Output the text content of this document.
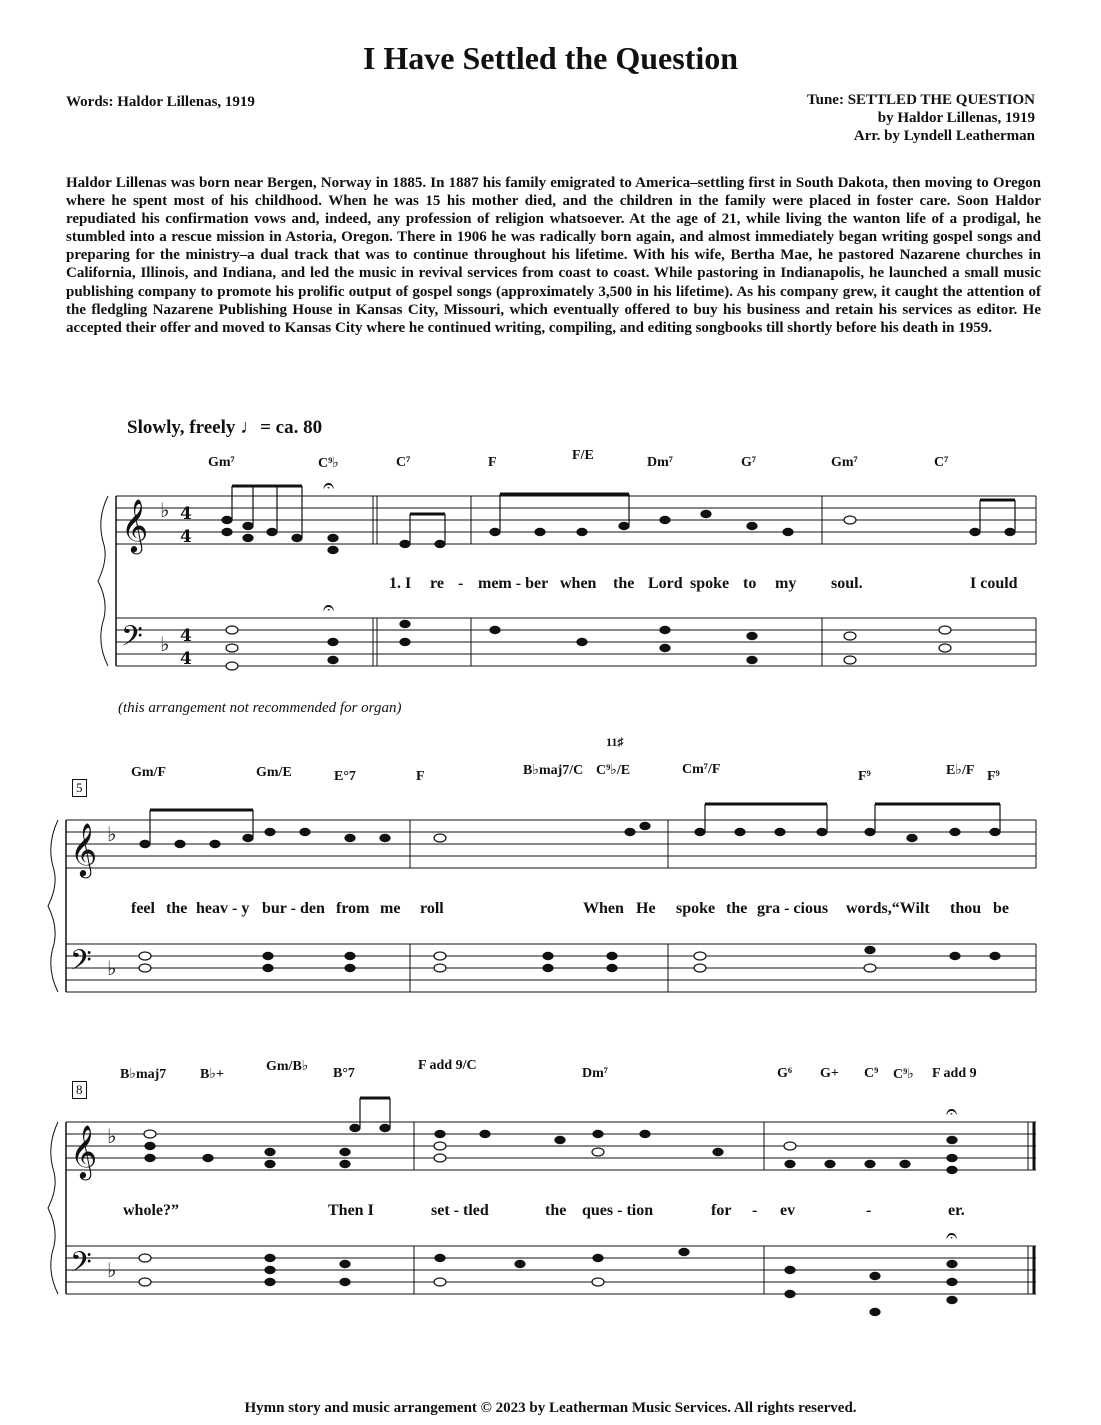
I Have Settled the Question
Words: Haldor Lillenas, 1919	Tune: SETTLED THE QUESTION
by Haldor Lillenas, 1919
Arr. by Lyndell Leatherman
Haldor Lillenas was born near Bergen, Norway in 1885. In 1887 his family emigrated to America–settling first in South Dakota, then moving to Oregon where he spent most of his childhood. When he was 15 his mother died, and the children in the family were placed in foster care. Soon Haldor repudiated his confirmation vows and, indeed, any profession of religion whatsoever. At the age of 21, while living the wanton life of a prodigal, he stumbled into a rescue mission in Astoria, Oregon. There in 1906 he was radically born again, and almost immediately began writing gospel songs and preparing for the ministry–a dual track that was to continue throughout his lifetime. With his wife, Bertha Mae, he pastored Nazarene churches in California, Illinois, and Indiana, and led the music in revival services from coast to coast. While pastoring in Indianapolis, he launched a small music publishing company to promote his prolific output of gospel songs (approximately 3,500 in his lifetime). As his company grew, it caught the attention of the fledgling Nazarene Publishing House in Kansas City, Missouri, which eventually offered to buy his business and retain his services as editor. He accepted their offer and moved to Kansas City where he continued writing, compiling, and editing songbooks till shortly before his death in 1959.
Slowly, freely ♩= ca. 80
𝄞
𝄢
♭
♭
4
4
4
4
𝄞
𝄢
♭
♭
𝄞
𝄢
♭
♭
𝄐
𝄐
𝄐
𝄐
Gm⁷	C⁹♭	C⁷	F	F/E	Dm⁷	G⁷	Gm⁷	C⁷
1. I re - mem - ber when the Lord spoke to my soul.	I could
(this arrangement not recommended for organ)
5
Gm/F	Gm/E	E°7	F	B♭maj7/C
11♯
C⁹♭/E	Cm⁷/F	F⁹	E♭/F F⁹
feel the heav - y bur - den from me roll	When He spoke the gra - cious words,“Wilt thou be
8
B♭maj7 B♭+
Gm/B♭ B°7
F add 9/C
Dm⁷	G⁶ G+ C⁹ C⁹♭ F add 9
whole?”	Then I	set - tled	the ques - tion	for - ev	-	er.
Hymn story and music arrangement © 2023 by Leatherman Music Services. All rights reserved.
